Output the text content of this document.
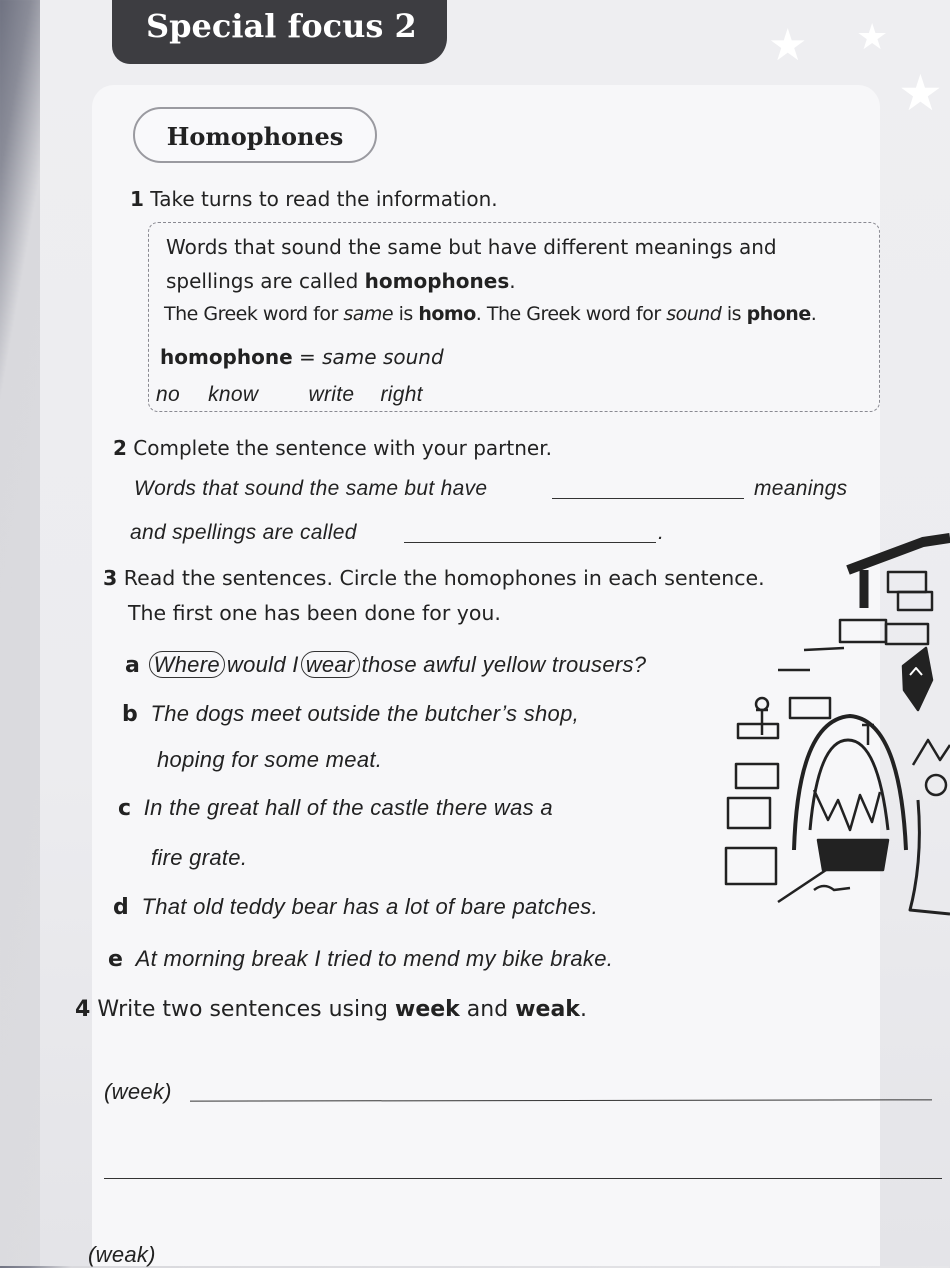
Special focus 2	★ ★
★
Homophones
1 Take turns to read the information.
Words that sound the same but have different meanings and
spellings are called homophones.
The Greek word for same is homo. The Greek word for sound is phone.
homophone = same sound
no know write right
2 Complete the sentence with your partner.
Words that sound the same but have	meanings
and spellings are called	.
3 Read the sentences. Circle the homophones in each sentence.
The first one has been done for you.
a Where would I wear those awful yellow trousers?
b The dogs meet outside the butcher’s shop,
hoping for some meat.
c In the great hall of the castle there was a
fire grate.
d That old teddy bear has a lot of bare patches.
e At morning break I tried to mend my bike brake.
4 Write two sentences using week and weak.
(week)
(weak)
